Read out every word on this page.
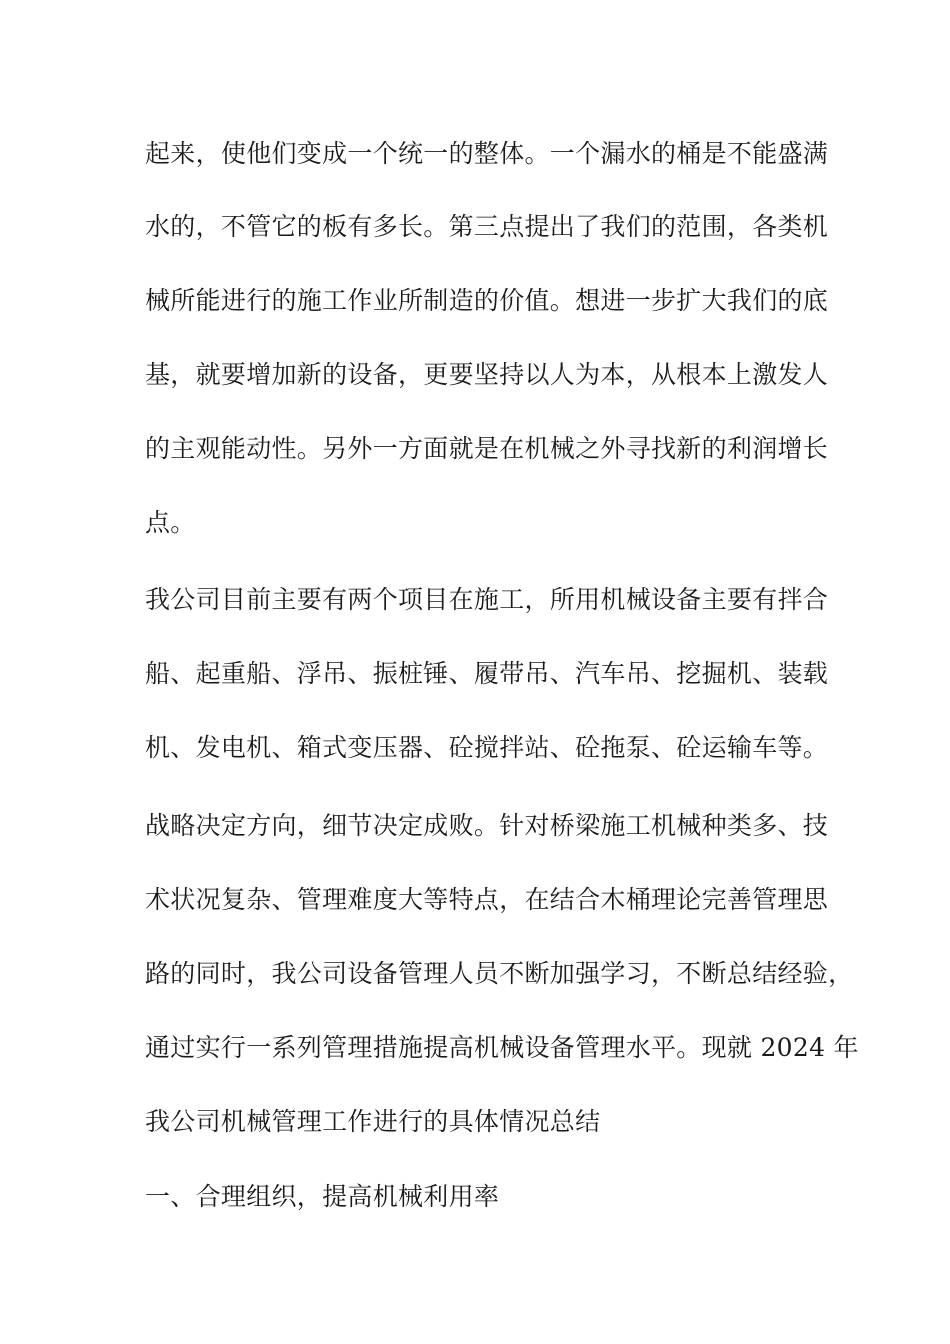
起来，使他们变成一个统一的整体。一个漏水的桶是不能盛满
水的，不管它的板有多长。第三点提出了我们的范围，各类机
械所能进行的施工作业所制造的价值。想进一步扩大我们的底
基，就要增加新的设备，更要坚持以人为本，从根本上激发人
的主观能动性。另外一方面就是在机械之外寻找新的利润增长
点。
我公司目前主要有两个项目在施工，所用机械设备主要有拌合
船、起重船、浮吊、振桩锤、履带吊、汽车吊、挖掘机、装载
机、发电机、箱式变压器、砼搅拌站、砼拖泵、砼运输车等。
战略决定方向，细节决定成败。针对桥梁施工机械种类多、技
术状况复杂、管理难度大等特点，在结合木桶理论完善管理思
路的同时，我公司设备管理人员不断加强学习，不断总结经验，
通过实行一系列管理措施提高机械设备管理水平。现就 2024 年
我公司机械管理工作进行的具体情况总结
一、合理组织，提高机械利用率
